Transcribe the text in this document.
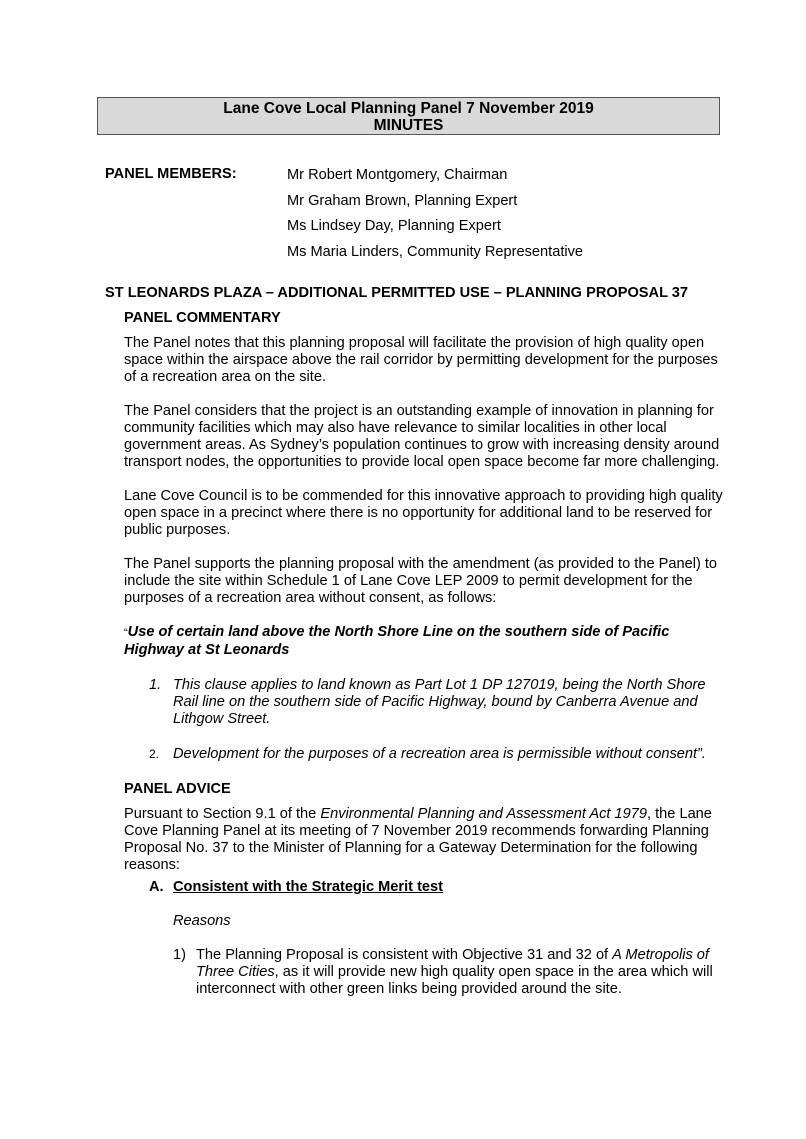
Lane Cove Local Planning Panel 7 November 2019
MINUTES
PANEL MEMBERS:	Mr Robert Montgomery, Chairman
Mr Graham Brown, Planning Expert
Ms Lindsey Day, Planning Expert
Ms Maria Linders, Community Representative
ST LEONARDS PLAZA – ADDITIONAL PERMITTED USE – PLANNING PROPOSAL 37

PANEL COMMENTARY

The Panel notes that this planning proposal will facilitate the provision of high quality open space within the airspace above the rail corridor by permitting development for the purposes of a recreation area on the site.

The Panel considers that the project is an outstanding example of innovation in planning for community facilities which may also have relevance to similar localities in other local government areas. As Sydney’s population continues to grow with increasing density around transport nodes, the opportunities to provide local open space become far more challenging.

Lane Cove Council is to be commended for this innovative approach to providing high quality open space in a precinct where there is no opportunity for additional land to be reserved for public purposes.

The Panel supports the planning proposal with the amendment (as provided to the Panel) to include the site within Schedule 1 of Lane Cove LEP 2009 to permit development for the purposes of a recreation area without consent, as follows:

“Use of certain land above the North Shore Line on the southern side of Pacific Highway at St Leonards

1. This clause applies to land known as Part Lot 1 DP 127019, being the North Shore Rail line on the southern side of Pacific Highway, bound by Canberra Avenue and Lithgow Street.

2. Development for the purposes of a recreation area is permissible without consent”.

PANEL ADVICE

Pursuant to Section 9.1 of the Environmental Planning and Assessment Act 1979, the Lane Cove Planning Panel at its meeting of 7 November 2019 recommends forwarding Planning Proposal No. 37 to the Minister of Planning for a Gateway Determination for the following reasons:

A. Consistent with the Strategic Merit test

Reasons

1) The Planning Proposal is consistent with Objective 31 and 32 of A Metropolis of Three Cities, as it will provide new high quality open space in the area which will interconnect with other green links being provided around the site.
